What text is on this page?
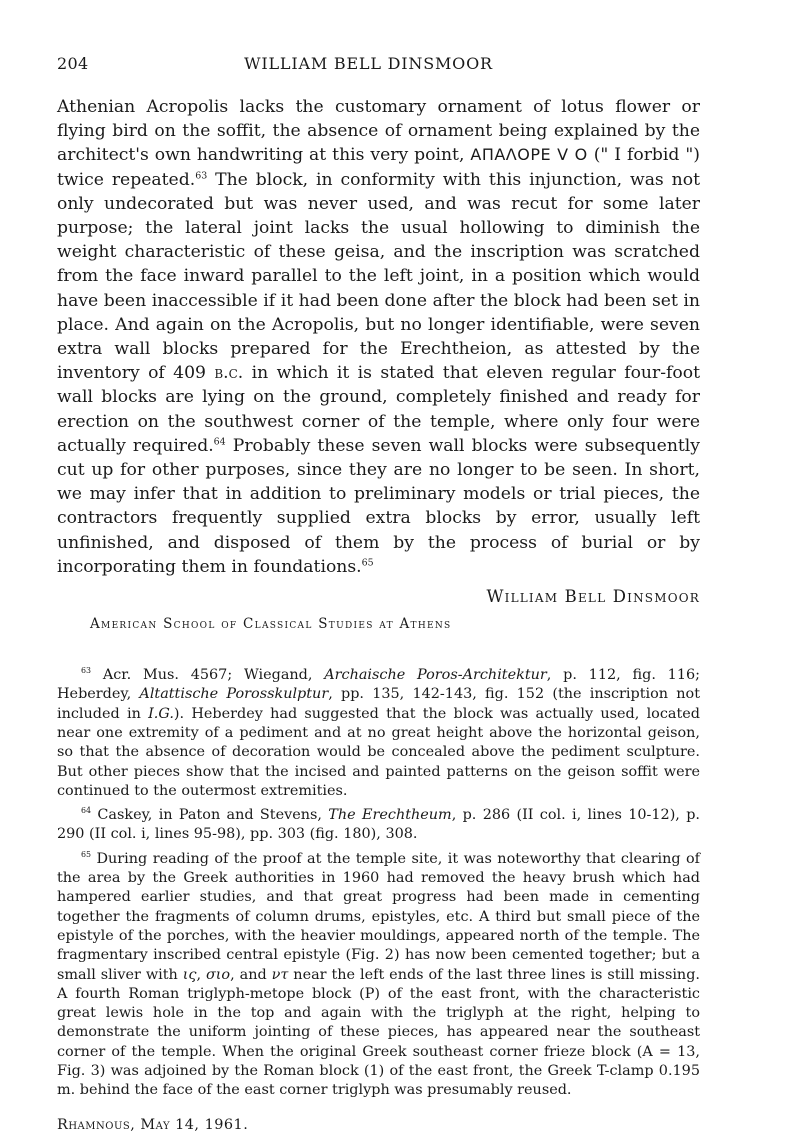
204	WILLIAM BELL DINSMOOR

Athenian Acropolis lacks the customary ornament of lotus flower or flying bird on the soffit, the absence of ornament being explained by the architect's own handwriting at this very point, ΑΠΑΛΟΡΕ V Ο (" I forbid ") twice repeated.$^{63}$ The block, in conformity with this injunction, was not only undecorated but was never used, and was recut for some later purpose; the lateral joint lacks the usual hollowing to diminish the weight characteristic of these geisa, and the inscription was scratched from the face inward parallel to the left joint, in a position which would have been inaccessible if it had been done after the block had been set in place. And again on the Acropolis, but no longer identifiable, were seven extra wall blocks prepared for the Erechtheion, as attested by the inventory of 409 b.c. in which it is stated that eleven regular four-foot wall blocks are lying on the ground, completely finished and ready for erection on the southwest corner of the temple, where only four were actually required.$^{64}$ Probably these seven wall blocks were subsequently cut up for other purposes, since they are no longer to be seen. In short, we may infer that in addition to preliminary models or trial pieces, the contractors frequently supplied extra blocks by error, usually left unfinished, and disposed of them by the process of burial or by incorporating them in foundations.$^{65}$

William Bell Dinsmoor
American School of Classical Studies at Athens

$^{63}$ Acr. Mus. 4567; Wiegand, Archaische Poros-Architektur, p. 112, fig. 116; Heberdey, Altattische Porosskulptur, pp. 135, 142-143, fig. 152 (the inscription not included in I.G.). Heberdey had suggested that the block was actually used, located near one extremity of a pediment and at no great height above the horizontal geison, so that the absence of decoration would be concealed above the pediment sculpture. But other pieces show that the incised and painted patterns on the geison soffit were continued to the outermost extremities.

$^{64}$ Caskey, in Paton and Stevens, The Erechtheum, p. 286 (II col. i, lines 10-12), p. 290 (II col. i, lines 95-98), pp. 303 (fig. 180), 308.

$^{65}$ During reading of the proof at the temple site, it was noteworthy that clearing of the area by the Greek authorities in 1960 had removed the heavy brush which had hampered earlier studies, and that great progress had been made in cementing together the fragments of column drums, epistyles, etc. A third but small piece of the epistyle of the porches, with the heavier mouldings, appeared north of the temple. The fragmentary inscribed central epistyle (Fig. 2) has now been cemented together; but a small sliver with ις, σιο, and ντ near the left ends of the last three lines is still missing. A fourth Roman triglyph-metope block (P) of the east front, with the characteristic great lewis hole in the top and again with the triglyph at the right, helping to demonstrate the uniform jointing of these pieces, has appeared near the southeast corner of the temple. When the original Greek southeast corner frieze block (A = 13, Fig. 3) was adjoined by the Roman block (1) of the east front, the Greek T-clamp 0.195 m. behind the face of the east corner triglyph was presumably reused.

Rhamnous, May 14, 1961.
